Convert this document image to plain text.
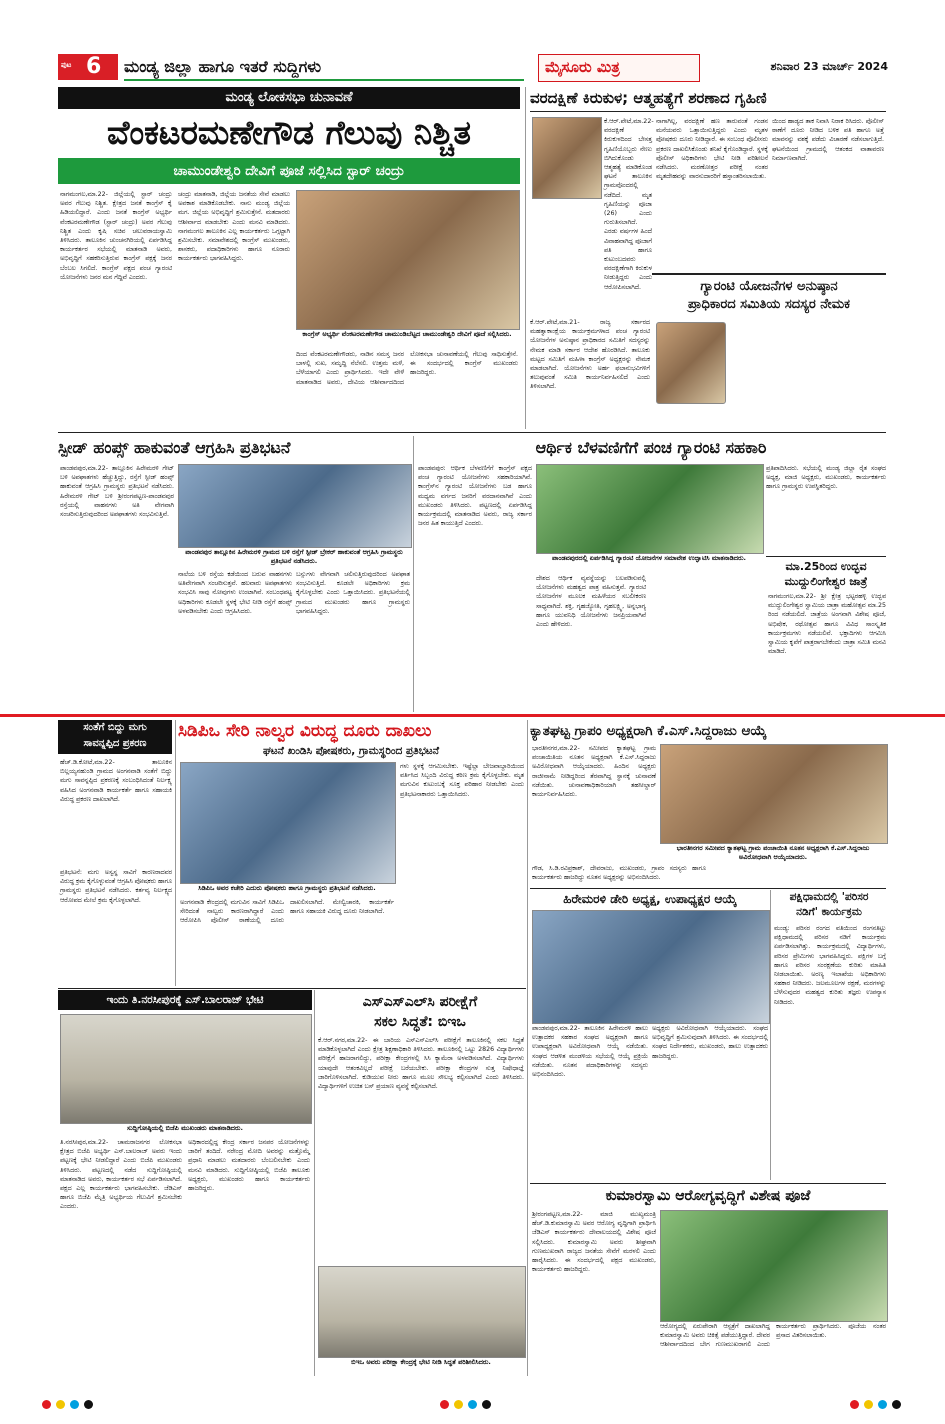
ಪುಟ 6 ಮಂಡ್ಯ ಜಿಲ್ಲಾ ಹಾಗೂ ಇತರೆ ಸುದ್ದಿಗಳು	ಮೈಸೂರು ಮಿತ್ರ	ಶನಿವಾರ 23 ಮಾರ್ಚ್ 2024
ಮಂಡ್ಯ ಲೋಕಸಭಾ ಚುನಾವಣೆ
ವೆಂಕಟರಮಣೇಗೌಡ ಗೆಲುವು ನಿಶ್ಚಿತ
ಚಾಮುಂಡೇಶ್ವರಿ ದೇವಿಗೆ ಪೂಜೆ ಸಲ್ಲಿಸಿದ ಸ್ಟಾರ್ ಚಂದ್ರು
ನಾಗಮಂಗಲ,ಮಾ.22- ಜಿಲ್ಲೆಯಲ್ಲಿ ಸ್ಟಾರ್ ಚಂದ್ರು ಅವರ ಗೆಲುವು ನಿಶ್ಚಿತ. ಕ್ಷೇತ್ರದ ಜನತೆ ಕಾಂಗ್ರೆಸ್ ಕೈ ಹಿಡಿಯಲಿದ್ದಾರೆ. ಎಂದು ಜನತೆ ಕಾಂಗ್ರೆಸ್ ಅಭ್ಯರ್ಥಿ ವೆಂಕಟರಮಣೇಗೌಡ (ಸ್ಟಾರ್ ಚಂದ್ರು) ಅವರ ಗೆಲುವು ನಿಶ್ಚಿತ ಎಂದು ಕೃಷಿ ಸಚಿವ ಚಲುವರಾಯಸ್ವಾಮಿ ತಿಳಿಸಿದರು. ತಾಲೂಕಿನ ಚುಂಚನಗಿರಿಯಲ್ಲಿ ಏರ್ಪಡಿಸಿದ್ದ ಕಾರ್ಯಕರ್ತರ ಸಭೆಯಲ್ಲಿ ಮಾತನಾಡಿ ಅವರು, ಅಭಿವೃದ್ಧಿಗೆ ಸಹಕರಿಸುತ್ತಿರುವ ಕಾಂಗ್ರೆಸ್ ಪಕ್ಷಕ್ಕೆ ಜನರ ಬೆಂಬಲ ಸಿಗಲಿದೆ. ಕಾಂಗ್ರೆಸ್ ಪಕ್ಷದ ಪಂಚ ಗ್ಯಾರಂಟಿ ಯೋಜನೆಗಳು ಜನರ ಮನ ಗೆದ್ದಿವೆ ಎಂದರು.
ಚಂದ್ರು ಮಾತನಾಡಿ, ಜಿಲ್ಲೆಯ ಜನತೆಯ ಸೇವೆ ಮಾಡಲು ಅವಕಾಶ ಮಾಡಿಕೊಡಬೇಕು. ನಾನು ಮಂಡ್ಯ ಜಿಲ್ಲೆಯ ಮಗ. ಜಿಲ್ಲೆಯ ಅಭಿವೃದ್ಧಿಗೆ ಶ್ರಮಿಸುತ್ತೇನೆ. ಮತದಾರರು ಆಶೀರ್ವಾದ ಮಾಡಬೇಕು ಎಂದು ಮನವಿ ಮಾಡಿದರು. ನಾಗಮಂಗಲ ತಾಲೂಕಿನ ಎಲ್ಲ ಕಾರ್ಯಕರ್ತರು ಒಗ್ಗಟ್ಟಾಗಿ ಶ್ರಮಿಸಬೇಕು. ಸಮಾವೇಶದಲ್ಲಿ ಕಾಂಗ್ರೆಸ್ ಮುಖಂಡರು, ಶಾಸಕರು, ಪದಾಧಿಕಾರಿಗಳು ಹಾಗೂ ನೂರಾರು ಕಾರ್ಯಕರ್ತರು ಭಾಗವಹಿಸಿದ್ದರು.
ಕಾಂಗ್ರೆಸ್ ಅಭ್ಯರ್ಥಿ ವೆಂಕಟರಮಣೇಗೌಡ ಚಾಮುಂಡಿಬೆಟ್ಟದ ಚಾಮುಂಡೇಶ್ವರಿ ದೇವಿಗೆ ಪೂಜೆ ಸಲ್ಲಿಸಿದರು.
ದಿಂದ ವೆಂಕಟರಮಣೇಗೌಡರು, ನಾಡಿನ ಸಮಸ್ತ ಜನರ ಬಾಳಲ್ಲಿ ಸುಖ, ಸಮೃದ್ಧಿ ನೆಲೆಸಲಿ. ಉತ್ತಮ ಮಳೆ, ಬೆಳೆಯಾಗಲಿ ಎಂದು ಪ್ರಾರ್ಥಿಸಿದರು. ಇದೇ ವೇಳೆ ಮಾತನಾಡಿದ ಅವರು, ದೇವಿಯ ಆಶೀರ್ವಾದದಿಂದ ಲೋಕಸಭಾ ಚುನಾವಣೆಯಲ್ಲಿ ಗೆಲುವು ಸಾಧಿಸುತ್ತೇನೆ. ಈ ಸಂದರ್ಭದಲ್ಲಿ ಕಾಂಗ್ರೆಸ್ ಮುಖಂಡರು ಹಾಜರಿದ್ದರು.
ವರದಕ್ಷಿಣೆ ಕಿರುಕುಳ; ಆತ್ಮಹತ್ಯೆಗೆ ಶರಣಾದ ಗೃಹಿಣಿ
ಕೆ.ಆರ್.ಪೇಟೆ,ಮಾ.22- ವರದಕ್ಷಿಣೆ ಕಿರುಕುಳದಿಂದ ಬೇಸತ್ತ ಗೃಹಿಣಿಯೊಬ್ಬರು ನೇಣು ಬಿಗಿದುಕೊಂಡು ಆತ್ಮಹತ್ಯೆ ಮಾಡಿಕೊಂಡ ಘಟನೆ ತಾಲೂಕಿನ ಗ್ರಾಮವೊಂದರಲ್ಲಿ ನಡೆದಿದೆ. ಮೃತ ಗೃಹಿಣಿಯನ್ನು ಪೂಜಾ (26) ಎಂದು ಗುರುತಿಸಲಾಗಿದೆ. ಎರಡು ವರ್ಷಗಳ ಹಿಂದೆ ವಿವಾಹವಾಗಿದ್ದ ಪೂಜಾಗೆ ಪತಿ ಹಾಗೂ ಕುಟುಂಬದವರು ವರದಕ್ಷಿಣೆಗಾಗಿ ಕಿರುಕುಳ ನೀಡುತ್ತಿದ್ದರು ಎಂದು ಆರೋಪಿಸಲಾಗಿದೆ.
ನಾಗಾಗಿಲ್ಲ, ವರದಕ್ಷಿಣೆ ಹಣ ತಾರುವಂತೆ ಗಂಡನ ಮನೆಯವರು ಒತ್ತಾಯಿಸುತ್ತಿದ್ದರು ಎಂದು ಮೃತಳ ಪೋಷಕರು ದೂರು ನೀಡಿದ್ದಾರೆ. ಈ ಸಂಬಂಧ ಪೊಲೀಸರು ಪ್ರಕರಣ ದಾಖಲಿಸಿಕೊಂಡು ತನಿಖೆ ಕೈಗೊಂಡಿದ್ದಾರೆ. ಸ್ಥಳಕ್ಕೆ ಪೊಲೀಸ್ ಅಧಿಕಾರಿಗಳು ಭೇಟಿ ನೀಡಿ ಪರಿಶೀಲನೆ ನಡೆಸಿದರು. ಮರಣೋತ್ತರ ಪರೀಕ್ಷೆ ನಂತರ ಮೃತದೇಹವನ್ನು ವಾರಸುದಾರರಿಗೆ ಹಸ್ತಾಂತರಿಸಲಾಯಿತು.
ಯಿಂದ ಹಾಡ್ಯದ ತಾಕ ನಿವಾಸಿ ನಿರಾಕ ರಿಸಿದರು. ಪೊಲೀಸ್ ಠಾಣೆಗೆ ದೂರು ನೀಡಿದ ಬಳಿಕ ಪತಿ ಹಾಗೂ ಅತ್ತೆ ಮಾವನನ್ನು ವಶಕ್ಕೆ ಪಡೆದು ವಿಚಾರಣೆ ನಡೆಸಲಾಗುತ್ತಿದೆ. ಘಟನೆಯಿಂದ ಗ್ರಾಮದಲ್ಲಿ ಆತಂಕದ ವಾತಾವರಣ ನಿರ್ಮಾಣವಾಗಿದೆ.
ಗ್ಯಾರಂಟಿ ಯೋಜನೆಗಳ ಅನುಷ್ಠಾನ
ಪ್ರಾಧಿಕಾರದ ಸಮಿತಿಯ ಸದಸ್ಯರ ನೇಮಕ
ಕೆ.ಆರ್.ಪೇಟೆ,ಮಾ.21- ರಾಜ್ಯ ಸರ್ಕಾರದ ಮಹತ್ವಾಕಾಂಕ್ಷೆಯ ಕಾರ್ಯಕ್ರಮಗಳಾದ ಪಂಚ ಗ್ಯಾರಂಟಿ ಯೋಜನೆಗಳ ಅನುಷ್ಠಾನ ಪ್ರಾಧಿಕಾರದ ಸಮಿತಿಗೆ ಸದಸ್ಯರನ್ನು ನೇಮಕ ಮಾಡಿ ಸರ್ಕಾರ ಆದೇಶ ಹೊರಡಿಸಿದೆ. ತಾಲೂಕು ಮಟ್ಟದ ಸಮಿತಿಗೆ ಮಹಿಳಾ ಕಾಂಗ್ರೆಸ್ ಅಧ್ಯಕ್ಷರನ್ನು ನೇಮಕ ಮಾಡಲಾಗಿದೆ. ಯೋಜನೆಗಳು ಅರ್ಹ ಫಲಾನುಭವಿಗಳಿಗೆ ತಲುಪುವಂತೆ ಸಮಿತಿ ಕಾರ್ಯನಿರ್ವಹಿಸಲಿದೆ ಎಂದು ತಿಳಿಸಲಾಗಿದೆ.
ಸ್ಪೀಡ್ ಹಂಪ್ಸ್ ಹಾಕುವಂತೆ ಆಗ್ರಹಿಸಿ ಪ್ರತಿಭಟನೆ
ಪಾಂಡವಪುರ,ಮಾ.22- ತಾಲ್ಲೂಕಿನ ಹಿರೇಮರಳಿ ಗೇಟ್ ಬಳಿ ಅಪಘಾತಗಳು ಹೆಚ್ಚುತ್ತಿದ್ದು, ರಸ್ತೆಗೆ ಸ್ಪೀಡ್ ಹಂಪ್ಸ್ ಹಾಕುವಂತೆ ಆಗ್ರಹಿಸಿ ಗ್ರಾಮಸ್ಥರು ಪ್ರತಿಭಟನೆ ನಡೆಸಿದರು. ಹಿರೇಮರಳಿ ಗೇಟ್ ಬಳಿ ಶ್ರೀರಂಗಪಟ್ಟಣ-ಪಾಂಡವಪುರ ರಸ್ತೆಯಲ್ಲಿ ವಾಹನಗಳು ಅತಿ ವೇಗವಾಗಿ ಸಂಚರಿಸುತ್ತಿರುವುದರಿಂದ ಅಪಘಾತಗಳು ಸಂಭವಿಸುತ್ತಿವೆ.
ಪಾಂಡವಪುರ ತಾಲ್ಲೂಕಿನ ಹಿರೇಮರಳಿ ಗ್ರಾಮದ ಬಳಿ ರಸ್ತೆಗೆ ಸ್ಪೀಡ್ ಬ್ರೇಕರ್ ಹಾಕುವಂತೆ ಆಗ್ರಹಿಸಿ ಗ್ರಾಮಸ್ಥರು ಪ್ರತಿಭಟನೆ ನಡೆಸಿದರು.
ನಾಲೆಯ ಬಳಿ ರಸ್ತೆಯ ಕಡೆಯಿಂದ ಬರುವ ವಾಹನಗಳು ಅತಿವೇಗವಾಗಿ ಸಂಚರಿಸುತ್ತವೆ. ಹಲವಾರು ಅಪಘಾತಗಳು ಸಂಭವಿಸಿ ಸಾವು ನೋವುಗಳು ಉಂಟಾಗಿವೆ. ಸಂಬಂಧಪಟ್ಟ ಅಧಿಕಾರಿಗಳು ಕೂಡಲೇ ಸ್ಥಳಕ್ಕೆ ಭೇಟಿ ನೀಡಿ ರಸ್ತೆಗೆ ಹಂಪ್ಸ್ ಅಳವಡಿಸಬೇಕು ಎಂದು ಆಗ್ರಹಿಸಿದರು.
ಬಸ್ಸುಗಳು ವೇಗವಾಗಿ ಚಲಿಸುತ್ತಿರುವುದರಿಂದ ಅಪಘಾತ ಸಂಭವಿಸುತ್ತಿದೆ. ಕೂಡಲೇ ಅಧಿಕಾರಿಗಳು ಕ್ರಮ ಕೈಗೊಳ್ಳಬೇಕು ಎಂದು ಒತ್ತಾಯಿಸಿದರು. ಪ್ರತಿಭಟನೆಯಲ್ಲಿ ಗ್ರಾಮದ ಮುಖಂಡರು ಹಾಗೂ ಗ್ರಾಮಸ್ಥರು ಭಾಗವಹಿಸಿದ್ದರು.
ಆರ್ಥಿಕ ಬೆಳವಣಿಗೆಗೆ ಪಂಚ ಗ್ಯಾರಂಟಿ ಸಹಕಾರಿ
ಪಾಂಡವಪುರ: ಆರ್ಥಿಕ ಬೆಳವಣಿಗೆಗೆ ಕಾಂಗ್ರೆಸ್ ಪಕ್ಷದ ಪಂಚ ಗ್ಯಾರಂಟಿ ಯೋಜನೆಗಳು ಸಹಕಾರಿಯಾಗಿವೆ. ಕಾಂಗ್ರೆಸ್‌ನ ಗ್ಯಾರಂಟಿ ಯೋಜನೆಗಳು ಬಡ ಹಾಗೂ ಮಧ್ಯಮ ವರ್ಗದ ಜನರಿಗೆ ವರದಾನವಾಗಿವೆ ಎಂದು ಮುಖಂಡರು ತಿಳಿಸಿದರು. ಪಟ್ಟಣದಲ್ಲಿ ಏರ್ಪಡಿಸಿದ್ದ ಕಾರ್ಯಕ್ರಮದಲ್ಲಿ ಮಾತನಾಡಿದ ಅವರು, ರಾಜ್ಯ ಸರ್ಕಾರ ಜನರ ಹಿತ ಕಾಯುತ್ತಿದೆ ಎಂದರು.
ಪಾಂಡವಪುರದಲ್ಲಿ ಏರ್ಪಡಿಸಿದ್ದ ಗ್ಯಾರಂಟಿ ಯೋಜನೆಗಳ ಸಮಾವೇಶ ಉದ್ಘಾಟಿಸಿ ಮಾತನಾಡಿದರು.
ದೇಶದ ಆರ್ಥಿಕ ವ್ಯವಸ್ಥೆಯನ್ನು ಬಲಪಡಿಸುವಲ್ಲಿ ಯೋಜನೆಗಳು ಮಹತ್ವದ ಪಾತ್ರ ವಹಿಸುತ್ತವೆ. ಗ್ಯಾರಂಟಿ ಯೋಜನೆಗಳ ಮೂಲಕ ಮಹಿಳೆಯರ ಸಬಲೀಕರಣ ಸಾಧ್ಯವಾಗಿದೆ. ಶಕ್ತಿ, ಗೃಹಜ್ಯೋತಿ, ಗೃಹಲಕ್ಷ್ಮಿ, ಅನ್ನಭಾಗ್ಯ ಹಾಗೂ ಯುವನಿಧಿ ಯೋಜನೆಗಳು ಜನಪ್ರಿಯವಾಗಿವೆ ಎಂದು ಹೇಳಿದರು.
ಪ್ರತಿಪಾದಿಸಿದರು. ಸಭೆಯಲ್ಲಿ ಮಂಡ್ಯ ಜಿಲ್ಲಾ ರೈತ ಸಂಘದ ಅಧ್ಯಕ್ಷ, ಮಾಜಿ ಅಧ್ಯಕ್ಷರು, ಮುಖಂಡರು, ಕಾರ್ಯಕರ್ತರು ಹಾಗೂ ಗ್ರಾಮಸ್ಥರು ಉಪಸ್ಥಿತರಿದ್ದರು.
ಮಾ.25ರಿಂದ ಉದ್ಭವ
ಮುದ್ದುಲಿಂಗೇಶ್ವರ ಜಾತ್ರೆ
ನಾಗಮಂಗಲ,ಮಾ.22- ಶ್ರೀ ಕ್ಷೇತ್ರ ಭಟ್ಟರಹಳ್ಳಿ ಉದ್ಭವ ಮುದ್ದುಲಿಂಗೇಶ್ವರ ಸ್ವಾಮಿಯ ಜಾತ್ರಾ ಮಹೋತ್ಸವ ಮಾ.25 ರಿಂದ ನಡೆಯಲಿದೆ. ಜಾತ್ರೆಯ ಅಂಗವಾಗಿ ವಿಶೇಷ ಪೂಜೆ, ಅಭಿಷೇಕ, ರಥೋತ್ಸವ ಹಾಗೂ ವಿವಿಧ ಸಾಂಸ್ಕೃತಿಕ ಕಾರ್ಯಕ್ರಮಗಳು ನಡೆಯಲಿವೆ. ಭಕ್ತಾದಿಗಳು ಆಗಮಿಸಿ ಸ್ವಾಮಿಯ ಕೃಪೆಗೆ ಪಾತ್ರರಾಗಬೇಕೆಂದು ಜಾತ್ರಾ ಸಮಿತಿ ಮನವಿ ಮಾಡಿದೆ.
ಸಂತೆಗೆ ಬಿದ್ದು ಮಗು
ಸಾವನ್ನಪ್ಪಿದ ಪ್ರಕರಣ
ಹೆಚ್.ಡಿ.ಕೋಟೆ,ಮಾ.22- ತಾಲೂಕಿನ ಬಿಲ್ಲಯ್ಯನಹುಂಡಿ ಗ್ರಾಮದ ಅಂಗನವಾಡಿ ಸಂತೆಗೆ ಬಿದ್ದು ಮಗು ಸಾವನ್ನಪ್ಪಿದ ಪ್ರಕರಣಕ್ಕೆ ಸಂಬಂಧಿಸಿದಂತೆ ನಿರ್ಲಕ್ಷ್ಯ ವಹಿಸಿದ ಅಂಗನವಾಡಿ ಕಾರ್ಯಕರ್ತೆ ಹಾಗೂ ಸಹಾಯಕಿ ವಿರುದ್ಧ ಪ್ರಕರಣ ದಾಖಲಾಗಿದೆ.
ಪ್ರತಿಭಟನೆ: ಮಗು ಅಸ್ವಸ್ಥ ಸಾವಿಗೆ ಕಾರಣರಾದವರ ವಿರುದ್ಧ ಕ್ರಮ ಕೈಗೊಳ್ಳುವಂತೆ ಆಗ್ರಹಿಸಿ ಪೋಷಕರು ಹಾಗೂ ಗ್ರಾಮಸ್ಥರು ಪ್ರತಿಭಟನೆ ನಡೆಸಿದರು. ಕರ್ತವ್ಯ ನಿರ್ಲಕ್ಷ್ಯದ ಆರೋಪದ ಮೇಲೆ ಕ್ರಮ ಕೈಗೊಳ್ಳಲಾಗಿದೆ.
ಸಿಡಿಪಿಒ ಸೇರಿ ನಾಲ್ವರ ವಿರುದ್ಧ ದೂರು ದಾಖಲು
ಘಟನೆ ಖಂಡಿಸಿ ಪೋಷಕರು, ಗ್ರಾಮಸ್ಥರಿಂದ ಪ್ರತಿಭಟನೆ
ಸಿಡಿಪಿಒ ಅವರ ಕಚೇರಿ ಎದುರು ಪೋಷಕರು ಹಾಗೂ ಗ್ರಾಮಸ್ಥರು ಪ್ರತಿಭಟನೆ ನಡೆಸಿದರು.
ಅಂಗನವಾಡಿ ಕೇಂದ್ರದಲ್ಲಿ ಮಗುವಿನ ಸಾವಿಗೆ ಸಿಡಿಪಿಒ ಸೇರಿದಂತೆ ನಾಲ್ವರು ಕಾರಣರಾಗಿದ್ದಾರೆ ಎಂದು ಆರೋಪಿಸಿ ಪೊಲೀಸ್ ಠಾಣೆಯಲ್ಲಿ ದೂರು ದಾಖಲಿಸಲಾಗಿದೆ. ಮೇಲ್ವಿಚಾರಕಿ, ಕಾರ್ಯಕರ್ತೆ ಹಾಗೂ ಸಹಾಯಕಿ ವಿರುದ್ಧ ದೂರು ನೀಡಲಾಗಿದೆ.
ಗಳು ಸ್ಥಳಕ್ಕೆ ಆಗಮಿಸಬೇಕು. ಇಷ್ಟೆಲ್ಲಾ ಬೇಜವಾಬ್ದಾರಿಯಿಂದ ವರ್ತಿಸಿದ ಸಿಬ್ಬಂದಿ ವಿರುದ್ಧ ಕಠಿಣ ಕ್ರಮ ಕೈಗೊಳ್ಳಬೇಕು. ಮೃತ ಮಗುವಿನ ಕುಟುಂಬಕ್ಕೆ ಸೂಕ್ತ ಪರಿಹಾರ ನೀಡಬೇಕು ಎಂದು ಪ್ರತಿಭಟನಾಕಾರರು ಒತ್ತಾಯಿಸಿದರು.
ಕ್ಯಾತಘಟ್ಟ ಗ್ರಾಪಂ ಅಧ್ಯಕ್ಷರಾಗಿ ಕೆ.ಎಸ್.ಸಿದ್ದರಾಜು ಆಯ್ಕೆ
ಭಾರತೀನಗರ,ಮಾ.22- ಸಮೀಪದ ಕ್ಯಾತಘಟ್ಟ ಗ್ರಾಮ ಪಂಚಾಯಿತಿಯ ನೂತನ ಅಧ್ಯಕ್ಷರಾಗಿ ಕೆ.ಎಸ್.ಸಿದ್ದರಾಜು ಅವಿರೋಧವಾಗಿ ಆಯ್ಕೆಯಾದರು. ಹಿಂದಿನ ಅಧ್ಯಕ್ಷರು ರಾಜೀನಾಮೆ ನೀಡಿದ್ದರಿಂದ ತೆರವಾಗಿದ್ದ ಸ್ಥಾನಕ್ಕೆ ಚುನಾವಣೆ ನಡೆಯಿತು. ಚುನಾವಣಾಧಿಕಾರಿಯಾಗಿ ತಹಸೀಲ್ದಾರ್ ಕಾರ್ಯನಿರ್ವಹಿಸಿದರು.
ಭಾರತೀನಗರ ಸಮೀಪದ ಕ್ಯಾತಘಟ್ಟ ಗ್ರಾಮ ಪಂಚಾಯಿತಿ ನೂತನ ಅಧ್ಯಕ್ಷರಾಗಿ ಕೆ.ಎಸ್.ಸಿದ್ದರಾಜು ಅವಿರೋಧವಾಗಿ ಆಯ್ಕೆಯಾದರು.
ಗೌಡ, ಸಿ.ಡಿ.ರವಿಪ್ರಕಾಶ್, ದೇವರಾಜು, ಮುಖಂಡರು, ಗ್ರಾಪಂ ಸದಸ್ಯರು ಹಾಗೂ ಕಾರ್ಯಕರ್ತರು ಹಾಜರಿದ್ದು ನೂತನ ಅಧ್ಯಕ್ಷರನ್ನು ಅಭಿನಂದಿಸಿದರು.
ಹಿರೇಮರಳಿ ಡೇರಿ ಅಧ್ಯಕ್ಷ, ಉಪಾಧ್ಯಕ್ಷರ ಆಯ್ಕೆ
ಪಾಂಡವಪುರ,ಮಾ.22- ತಾಲೂಕಿನ ಹಿರೇಮರಳಿ ಹಾಲು ಉತ್ಪಾದಕರ ಸಹಕಾರ ಸಂಘದ ಅಧ್ಯಕ್ಷರಾಗಿ ಹಾಗೂ ಉಪಾಧ್ಯಕ್ಷರಾಗಿ ಅವಿರೋಧವಾಗಿ ಆಯ್ಕೆ ನಡೆಯಿತು. ಸಂಘದ ಆಡಳಿತ ಮಂಡಳಿಯ ಸಭೆಯಲ್ಲಿ ಆಯ್ಕೆ ಪ್ರಕ್ರಿಯೆ ನಡೆಯಿತು. ನೂತನ ಪದಾಧಿಕಾರಿಗಳನ್ನು ಸದಸ್ಯರು ಅಭಿನಂದಿಸಿದರು.
ಅಧ್ಯಕ್ಷರು ಅವಿರೋಧವಾಗಿ ಆಯ್ಕೆಯಾದರು. ಸಂಘದ ಅಭಿವೃದ್ಧಿಗೆ ಶ್ರಮಿಸುವುದಾಗಿ ತಿಳಿಸಿದರು. ಈ ಸಂದರ್ಭದಲ್ಲಿ ಸಂಘದ ನಿರ್ದೇಶಕರು, ಮುಖಂಡರು, ಹಾಲು ಉತ್ಪಾದಕರು ಹಾಜರಿದ್ದರು.
ಪಕ್ಷಿಧಾಮದಲ್ಲಿ 'ಪರಿಸರ
ನಡಿಗೆ' ಕಾರ್ಯಕ್ರಮ
ಮಂಡ್ಯ: ಪರಿಸರ ರಂಗದ ವತಿಯಿಂದ ರಂಗನತಿಟ್ಟು ಪಕ್ಷಿಧಾಮದಲ್ಲಿ ಪರಿಸರ ನಡಿಗೆ ಕಾರ್ಯಕ್ರಮ ಏರ್ಪಡಿಸಲಾಗಿತ್ತು. ಕಾರ್ಯಕ್ರಮದಲ್ಲಿ ವಿದ್ಯಾರ್ಥಿಗಳು, ಪರಿಸರ ಪ್ರೇಮಿಗಳು ಭಾಗವಹಿಸಿದ್ದರು. ಪಕ್ಷಿಗಳ ಬಗ್ಗೆ ಹಾಗೂ ಪರಿಸರ ಸಂರಕ್ಷಣೆಯ ಕುರಿತು ಮಾಹಿತಿ ನೀಡಲಾಯಿತು. ಅರಣ್ಯ ಇಲಾಖೆಯ ಅಧಿಕಾರಿಗಳು ಸಹಕಾರ ನೀಡಿದರು. ಜಲಮೂಲಗಳ ರಕ್ಷಣೆ, ಮರಗಳನ್ನು ಬೆಳೆಸುವುದರ ಮಹತ್ವದ ಕುರಿತು ತಜ್ಞರು ಉಪನ್ಯಾಸ ನೀಡಿದರು.
ಇಂದು ತಿ.ನರಸೀಪುರಕ್ಕೆ ಎಸ್.ಬಾಲರಾಜ್ ಭೇಟಿ
ಸುದ್ದಿಗೋಷ್ಠಿಯಲ್ಲಿ ಬಿಜೆಪಿ ಮುಖಂಡರು ಮಾತನಾಡಿದರು.
ತಿ.ನರಸೀಪುರ,ಮಾ.22- ಚಾಮರಾಜನಗರ ಲೋಕಸಭಾ ಕ್ಷೇತ್ರದ ಬಿಜೆಪಿ ಅಭ್ಯರ್ಥಿ ಎಸ್.ಬಾಲರಾಜ್ ಅವರು ಇಂದು ಪಟ್ಟಣಕ್ಕೆ ಭೇಟಿ ನೀಡಲಿದ್ದಾರೆ ಎಂದು ಬಿಜೆಪಿ ಮುಖಂಡರು ತಿಳಿಸಿದರು. ಪಟ್ಟಣದಲ್ಲಿ ನಡೆದ ಸುದ್ದಿಗೋಷ್ಠಿಯಲ್ಲಿ ಮಾತನಾಡಿದ ಅವರು, ಕಾರ್ಯಕರ್ತರ ಸಭೆ ಏರ್ಪಡಿಸಲಾಗಿದೆ. ಪಕ್ಷದ ಎಲ್ಲ ಕಾರ್ಯಕರ್ತರು ಭಾಗವಹಿಸಬೇಕು. ಜೆಡಿಎಸ್ ಹಾಗೂ ಬಿಜೆಪಿ ಮೈತ್ರಿ ಅಭ್ಯರ್ಥಿಯ ಗೆಲುವಿಗೆ ಶ್ರಮಿಸಬೇಕು ಎಂದರು.
ಅಧಿಕಾರದಲ್ಲಿದ್ದ ಕೇಂದ್ರ ಸರ್ಕಾರ ಜನಪರ ಯೋಜನೆಗಳನ್ನು ಜಾರಿಗೆ ತಂದಿದೆ. ನರೇಂದ್ರ ಮೋದಿ ಅವರನ್ನು ಮತ್ತೊಮ್ಮೆ ಪ್ರಧಾನಿ ಮಾಡಲು ಮತದಾರರು ಬೆಂಬಲಿಸಬೇಕು ಎಂದು ಮನವಿ ಮಾಡಿದರು. ಸುದ್ದಿಗೋಷ್ಠಿಯಲ್ಲಿ ಬಿಜೆಪಿ ತಾಲೂಕು ಅಧ್ಯಕ್ಷರು, ಮುಖಂಡರು ಹಾಗೂ ಕಾರ್ಯಕರ್ತರು ಹಾಜರಿದ್ದರು.
ಎಸ್‌ಎಸ್‌ಎಲ್‌ಸಿ ಪರೀಕ್ಷೆಗೆ
ಸಕಲ ಸಿದ್ಧತೆ: ಬಿಇಒ
ಕೆ.ಆರ್.ನಗರ,ಮಾ.22- ಈ ಬಾರಿಯ ಎಸ್‌ಎಸ್‌ಎಲ್‌ಸಿ ಪರೀಕ್ಷೆಗೆ ತಾಲೂಕಿನಲ್ಲಿ ಸಕಲ ಸಿದ್ಧತೆ ಮಾಡಿಕೊಳ್ಳಲಾಗಿದೆ ಎಂದು ಕ್ಷೇತ್ರ ಶಿಕ್ಷಣಾಧಿಕಾರಿ ತಿಳಿಸಿದರು. ತಾಲೂಕಿನಲ್ಲಿ ಒಟ್ಟು 2826 ವಿದ್ಯಾರ್ಥಿಗಳು ಪರೀಕ್ಷೆಗೆ ಹಾಜರಾಗಲಿದ್ದು, ಪರೀಕ್ಷಾ ಕೇಂದ್ರಗಳಲ್ಲಿ ಸಿಸಿ ಕ್ಯಾಮೆರಾ ಅಳವಡಿಸಲಾಗಿದೆ. ವಿದ್ಯಾರ್ಥಿಗಳು ಯಾವುದೇ ಆತಂಕವಿಲ್ಲದೆ ಪರೀಕ್ಷೆ ಬರೆಯಬೇಕು. ಪರೀಕ್ಷಾ ಕೇಂದ್ರಗಳ ಸುತ್ತ ನಿಷೇಧಾಜ್ಞೆ ಜಾರಿಗೊಳಿಸಲಾಗಿದೆ. ಕುಡಿಯುವ ನೀರು ಹಾಗೂ ಮೂಲ ಸೌಲಭ್ಯ ಕಲ್ಪಿಸಲಾಗಿದೆ ಎಂದು ತಿಳಿಸಿದರು. ವಿದ್ಯಾರ್ಥಿಗಳಿಗೆ ಉಚಿತ ಬಸ್ ಪ್ರಯಾಣ ವ್ಯವಸ್ಥೆ ಕಲ್ಪಿಸಲಾಗಿದೆ.
ಬಿಇಒ ಅವರು ಪರೀಕ್ಷಾ ಕೇಂದ್ರಕ್ಕೆ ಭೇಟಿ ನೀಡಿ ಸಿದ್ಧತೆ ಪರಿಶೀಲಿಸಿದರು.
ಕುಮಾರಸ್ವಾಮಿ ಆರೋಗ್ಯವೃದ್ಧಿಗೆ ವಿಶೇಷ ಪೂಜೆ
ಶ್ರೀರಂಗಪಟ್ಟಣ,ಮಾ.22- ಮಾಜಿ ಮುಖ್ಯಮಂತ್ರಿ ಹೆಚ್.ಡಿ.ಕುಮಾರಸ್ವಾಮಿ ಅವರ ಆರೋಗ್ಯ ವೃದ್ಧಿಗಾಗಿ ಪ್ರಾರ್ಥಿಸಿ ಜೆಡಿಎಸ್ ಕಾರ್ಯಕರ್ತರು ದೇವಾಲಯದಲ್ಲಿ ವಿಶೇಷ ಪೂಜೆ ಸಲ್ಲಿಸಿದರು. ಕುಮಾರಸ್ವಾಮಿ ಅವರು ಶೀಘ್ರವಾಗಿ ಗುಣಮುಖರಾಗಿ ರಾಜ್ಯದ ಜನತೆಯ ಸೇವೆಗೆ ಮರಳಲಿ ಎಂದು ಹಾರೈಸಿದರು. ಈ ಸಂದರ್ಭದಲ್ಲಿ ಪಕ್ಷದ ಮುಖಂಡರು, ಕಾರ್ಯಕರ್ತರು ಹಾಜರಿದ್ದರು.
ಆರೋಗ್ಯದಲ್ಲಿ ಏರುಪೇರಾಗಿ ಆಸ್ಪತ್ರೆಗೆ ದಾಖಲಾಗಿದ್ದ ಕುಮಾರಸ್ವಾಮಿ ಅವರು ಚಿಕಿತ್ಸೆ ಪಡೆಯುತ್ತಿದ್ದಾರೆ. ದೇವರ ಆಶೀರ್ವಾದದಿಂದ ಬೇಗ ಗುಣಮುಖರಾಗಲಿ ಎಂದು ಕಾರ್ಯಕರ್ತರು ಪ್ರಾರ್ಥಿಸಿದರು. ಪೂಜೆಯ ನಂತರ ಪ್ರಸಾದ ವಿತರಿಸಲಾಯಿತು.
